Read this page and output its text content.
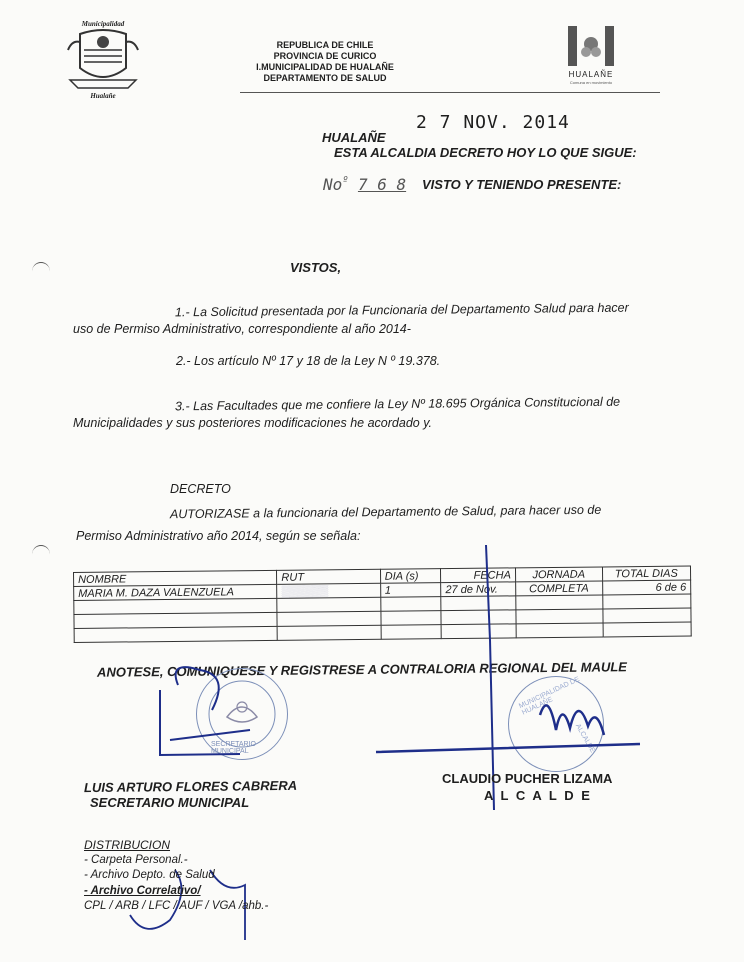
Municipalidad
Hualañe
REPUBLICA DE CHILE
PROVINCIA DE CURICO
I.MUNICIPALIDAD DE HUALAÑE
DEPARTAMENTO DE SALUD	HUALAÑE
Comuna en movimiento
2 7 NOV. 2014
HUALAÑE
ESTA ALCALDIA DECRETO HOY LO QUE SIGUE:
$No^º$ 7 6 8 VISTO Y TENIENDO PRESENTE:
VISTOS,
1.- La Solicitud presentada por la Funcionaria del Departamento Salud para hacer
uso de Permiso Administrativo, correspondiente al año 2014-
2.- Los artículo Nº 17 y 18 de la Ley N º 19.378.
3.- Las Facultades que me confiere la Ley Nº 18.695 Orgánica Constitucional de
Municipalidades y sus posteriores modificaciones he acordado y.
DECRETO
AUTORIZASE a la funcionaria del Departamento de Salud, para hacer uso de
Permiso Administrativo año 2014, según se señala:
NOMBRE	RUT	DIA (s)	FECHA	JORNADA	TOTAL DIAS
MARIA M. DAZA VALENZUELA	▒▒▒▒▒▒	1	27 de Nov.	COMPLETA	6 de 6

ANOTESE, COMUNIQUESE Y REGISTRESE A CONTRALORIA REGIONAL DEL MAULE
SECRETARIO MUNICIPAL
MUNICIPALIDAD DE HUALAÑE
ALCALDE
LUIS ARTURO FLORES CABRERA
SECRETARIO MUNICIPAL
CLAUDIO PUCHER LIZAMA
A L C A L D E
DISTRIBUCION
- Carpeta Personal.-
- Archivo Depto. de Salud
- Archivo Correlativo/
CPL / ARB / LFC / AUF / VGA /ahb.-
